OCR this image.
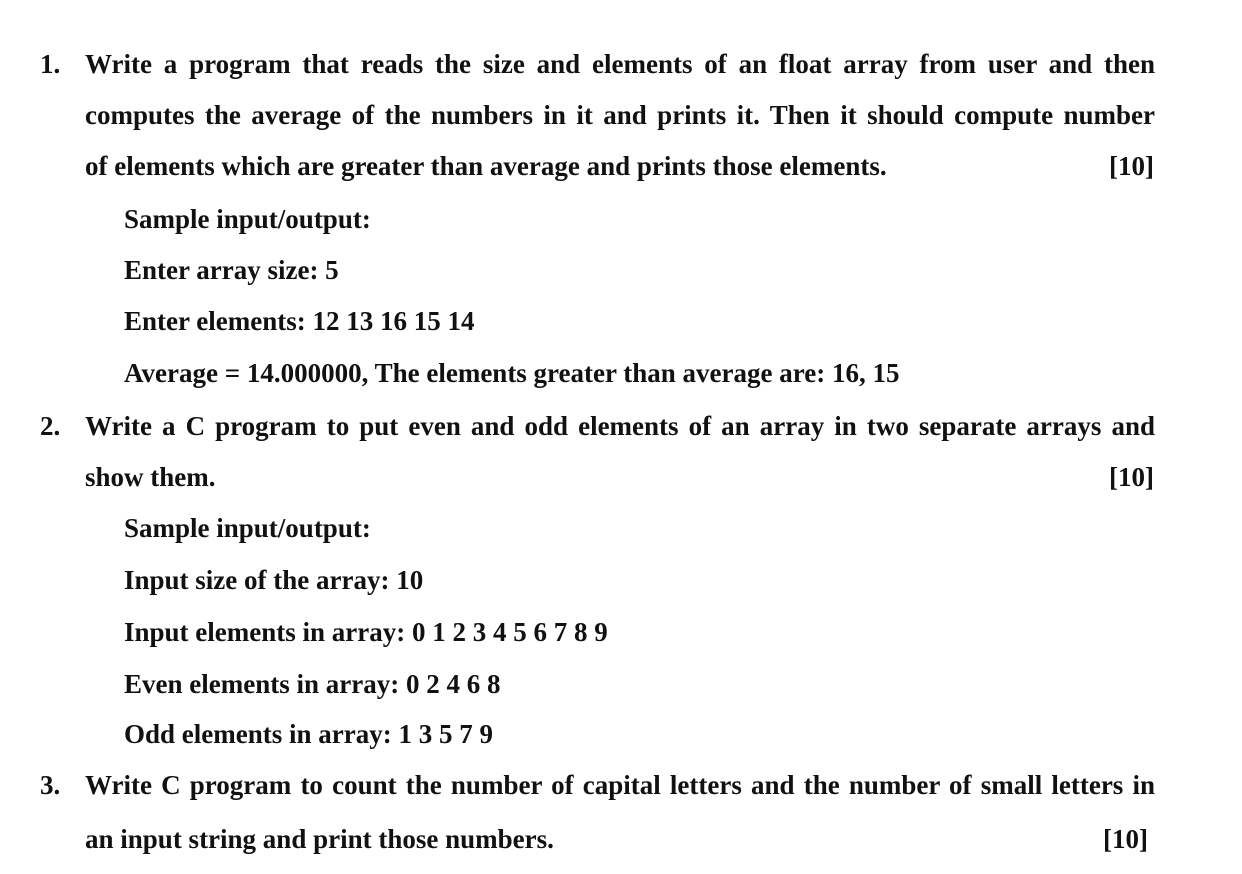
1. Write a program that reads the size and elements of an float array from user and then
computes the average of the numbers in it and prints it. Then it should compute number
of elements which are greater than average and prints those elements.	[10]
Sample input/output:
Enter array size: 5
Enter elements: 12 13 16 15 14
Average = 14.000000, The elements greater than average are: 16, 15
2. Write a C program to put even and odd elements of an array in two separate arrays and
show them.	[10]
Sample input/output:
Input size of the array: 10
Input elements in array: 0 1 2 3 4 5 6 7 8 9
Even elements in array: 0 2 4 6 8
Odd elements in array: 1 3 5 7 9
3. Write C program to count the number of capital letters and the number of small letters in
an input string and print those numbers.	[10]
